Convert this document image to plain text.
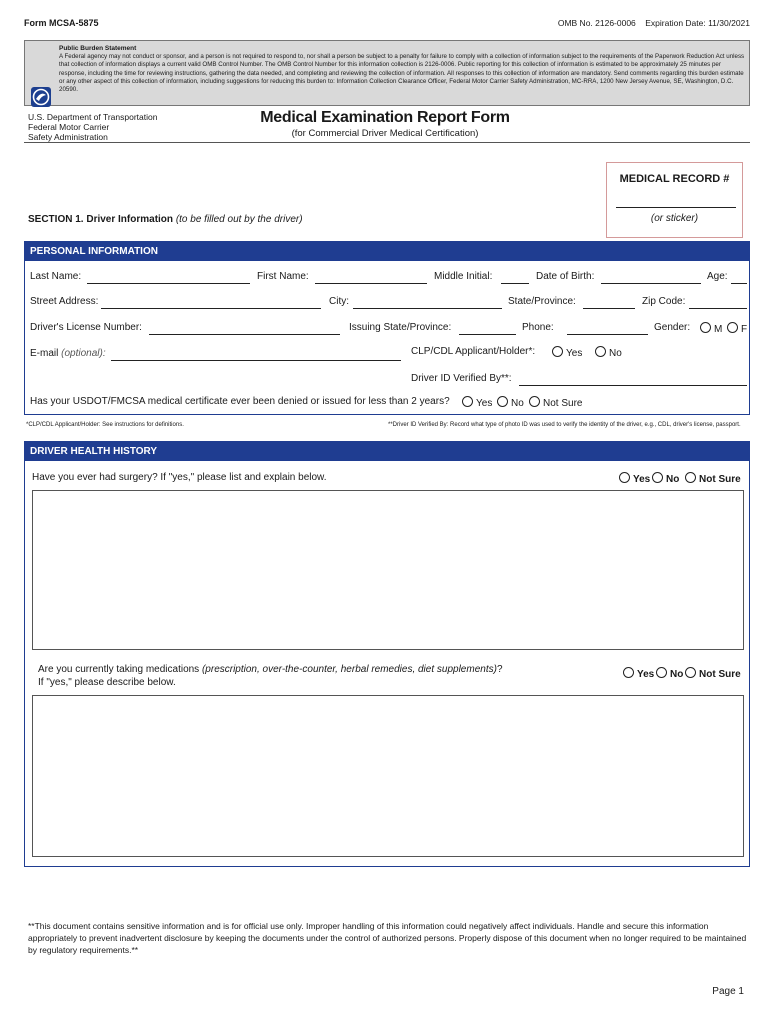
Form MCSA-5875	OMB No. 2126-0006 Expiration Date: 11/30/2021
Public Burden Statement
A Federal agency may not conduct or sponsor, and a person is not required to respond to, nor shall a person be subject to a penalty for failure to comply with a collection of information subject to the requirements of the Paperwork Reduction Act unless that collection of information displays a current valid OMB Control Number. The OMB Control Number for this information collection is 2126-0006. Public reporting for this collection of information is estimated to be approximately 25 minutes per response, including the time for reviewing instructions, gathering the data needed, and completing and reviewing the collection of information. All responses to this collection of information are mandatory. Send comments regarding this burden estimate or any other aspect of this collection of information, including suggestions for reducing this burden to: Information Collection Clearance Officer, Federal Motor Carrier Safety Administration, MC-RRA, 1200 New Jersey Avenue, SE, Washington, D.C. 20590.
U.S. Department of Transportation
Federal Motor Carrier
Safety Administration
Medical Examination Report Form
(for Commercial Driver Medical Certification)
MEDICAL RECORD #
(or sticker)
SECTION 1. Driver Information (to be filled out by the driver)
PERSONAL INFORMATION
Last Name:	First Name:	Middle Initial:	Date of Birth:	Age:
Street Address:	City:	State/Province:	Zip Code:
Driver's License Number:	Issuing State/Province:	Phone:	Gender:	M	F
E-mail (optional):	CLP/CDL Applicant/Holder*:	Yes	No
Driver ID Verified By**:
Has your USDOT/FMCSA medical certificate ever been denied or issued for less than 2 years?	Yes	No	Not Sure
*CLP/CDL Applicant/Holder: See instructions for definitions.	**Driver ID Verified By: Record what type of photo ID was used to verify the identity of the driver, e.g., CDL, driver's license, passport.
DRIVER HEALTH HISTORY
Have you ever had surgery? If "yes," please list and explain below.	Yes	No	Not Sure
Are you currently taking medications (prescription, over-the-counter, herbal remedies, diet supplements)?
If "yes," please describe below.
Yes	No	Not Sure
**This document contains sensitive information and is for official use only. Improper handling of this information could negatively affect individuals. Handle and secure this information appropriately to prevent inadvertent disclosure by keeping the documents under the control of authorized persons. Properly dispose of this document when no longer required to be maintained by regulatory requirements.**
Page 1
